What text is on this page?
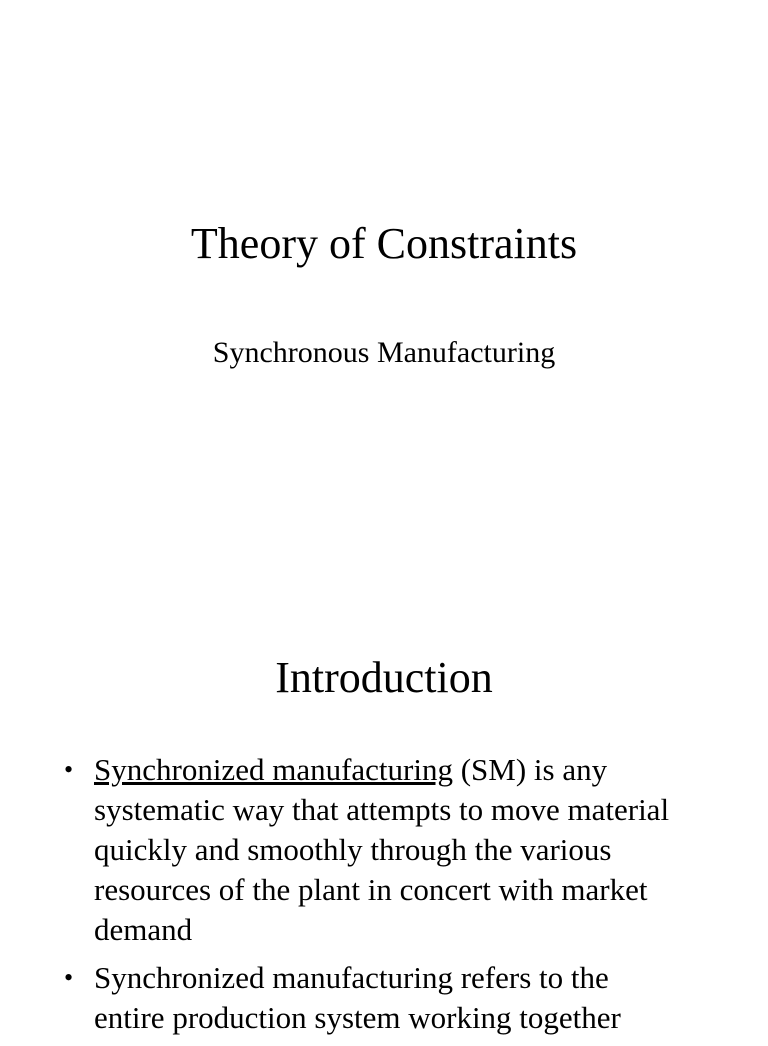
Theory of Constraints
Synchronous Manufacturing
Introduction
• Synchronized manufacturing (SM) is any systematic way that attempts to move material quickly and smoothly through the various resources of the plant in concert with market demand
• Synchronized manufacturing refers to the entire production system working together
